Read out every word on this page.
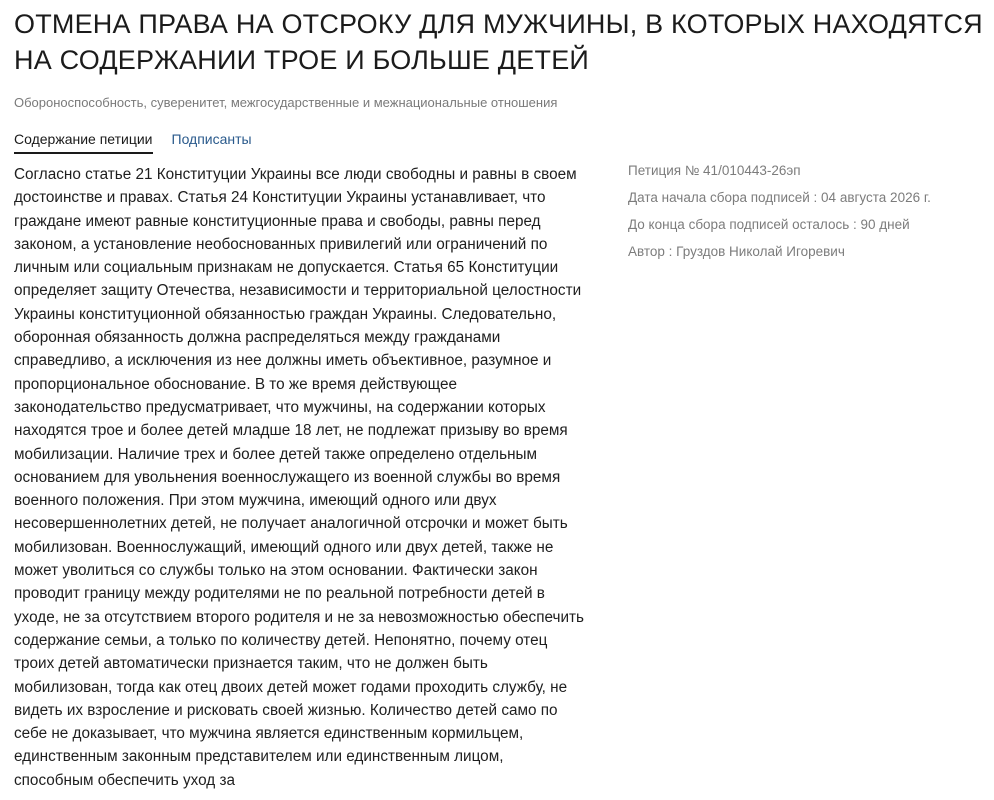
ОТМЕНА ПРАВА НА ОТСРОКУ ДЛЯ МУЖЧИНЫ, В КОТОРЫХ НАХОДЯТСЯ НА СОДЕРЖАНИИ ТРОЕ И БОЛЬШЕ ДЕТЕЙ
Обороноспособность, суверенитет, межгосударственные и межнациональные отношения
Содержание петиции Подписанты

Согласно статье 21 Конституции Украины все люди свободны и равны в своем достоинстве и правах. Статья 24 Конституции Украины устанавливает, что граждане имеют равные конституционные права и свободы, равны перед законом, а установление необоснованных привилегий или ограничений по личным или социальным признакам не допускается. Статья 65 Конституции определяет защиту Отечества, независимости и территориальной целостности Украины конституционной обязанностью граждан Украины. Следовательно, оборонная обязанность должна распределяться между гражданами справедливо, а исключения из нее должны иметь объективное, разумное и пропорциональное обоснование. В то же время действующее законодательство предусматривает, что мужчины, на содержании которых находятся трое и более детей младше 18 лет, не подлежат призыву во время мобилизации. Наличие трех и более детей также определено отдельным основанием для увольнения военнослужащего из военной службы во время военного положения. При этом мужчина, имеющий одного или двух несовершеннолетних детей, не получает аналогичной отсрочки и может быть мобилизован. Военнослужащий, имеющий одного или двух детей, также не может уволиться со службы только на этом основании. Фактически закон проводит границу между родителями не по реальной потребности детей в уходе, не за отсутствием второго родителя и не за невозможностью обеспечить содержание семьи, а только по количеству детей. Непонятно, почему отец троих детей автоматически признается таким, что не должен быть мобилизован, тогда как отец двоих детей может годами проходить службу, не видеть их взросление и рисковать своей жизнью. Количество детей само по себе не доказывает, что мужчина является единственным кормильцем, единственным законным представителем или единственным лицом, способным обеспечить уход за

Петиция № 41/010443-26эп
Дата начала сбора подписей : 04 августа 2026 г.
До конца сбора подписей осталось : 90 дней
Автор : Груздов Николай Игоревич
